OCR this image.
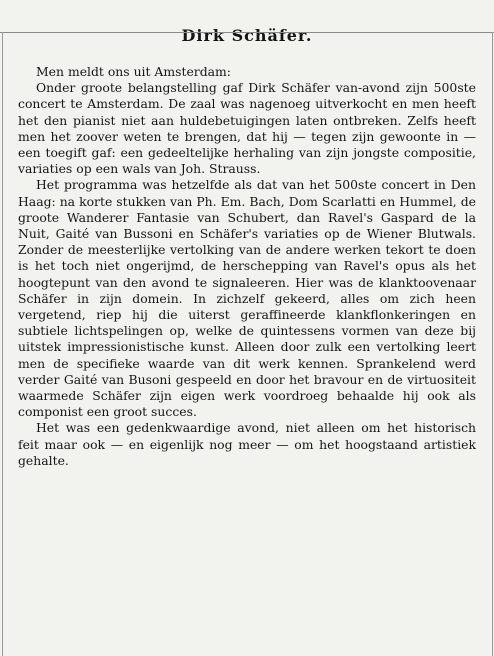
Dirk Schäfer.

Men meldt ons uit Amsterdam:

Onder groote belangstelling gaf Dirk Schäfer van-avond zijn 500ste concert te Amsterdam. De zaal was nagenoeg uitverkocht en men heeft het den pianist niet aan huldebetuigingen laten ontbreken. Zelfs heeft men het zoover weten te brengen, dat hij — tegen zijn gewoonte in — een toegift gaf: een gedeeltelijke herhaling van zijn jongste compositie, variaties op een wals van Joh. Strauss.

Het programma was hetzelfde als dat van het 500ste concert in Den Haag: na korte stukken van Ph. Em. Bach, Dom Scarlatti en Hummel, de groote Wanderer Fantasie van Schubert, dan Ravel's Gaspard de la Nuit, Gaité van Bussoni en Schäfer's variaties op de Wiener Blutwals. Zonder de meesterlijke vertolking van de andere werken tekort te doen is het toch niet ongerijmd, de herschepping van Ravel's opus als het hoogtepunt van den avond te signaleeren. Hier was de klanktoovenaar Schäfer in zijn domein. In zichzelf gekeerd, alles om zich heen vergetend, riep hij die uiterst geraffineerde klankflonkeringen en subtiele lichtspelingen op, welke de quintessens vormen van deze bij uitstek impressionistische kunst. Alleen door zulk een vertolking leert men de specifieke waarde van dit werk kennen. Sprankelend werd verder Gaité van Busoni gespeeld en door het bravour en de virtuositeit waarmede Schäfer zijn eigen werk voordroeg behaalde hij ook als componist een groot succes.

Het was een gedenkwaardige avond, niet alleen om het historisch feit maar ook — en eigenlijk nog meer — om het hoogstaand artistiek gehalte.
